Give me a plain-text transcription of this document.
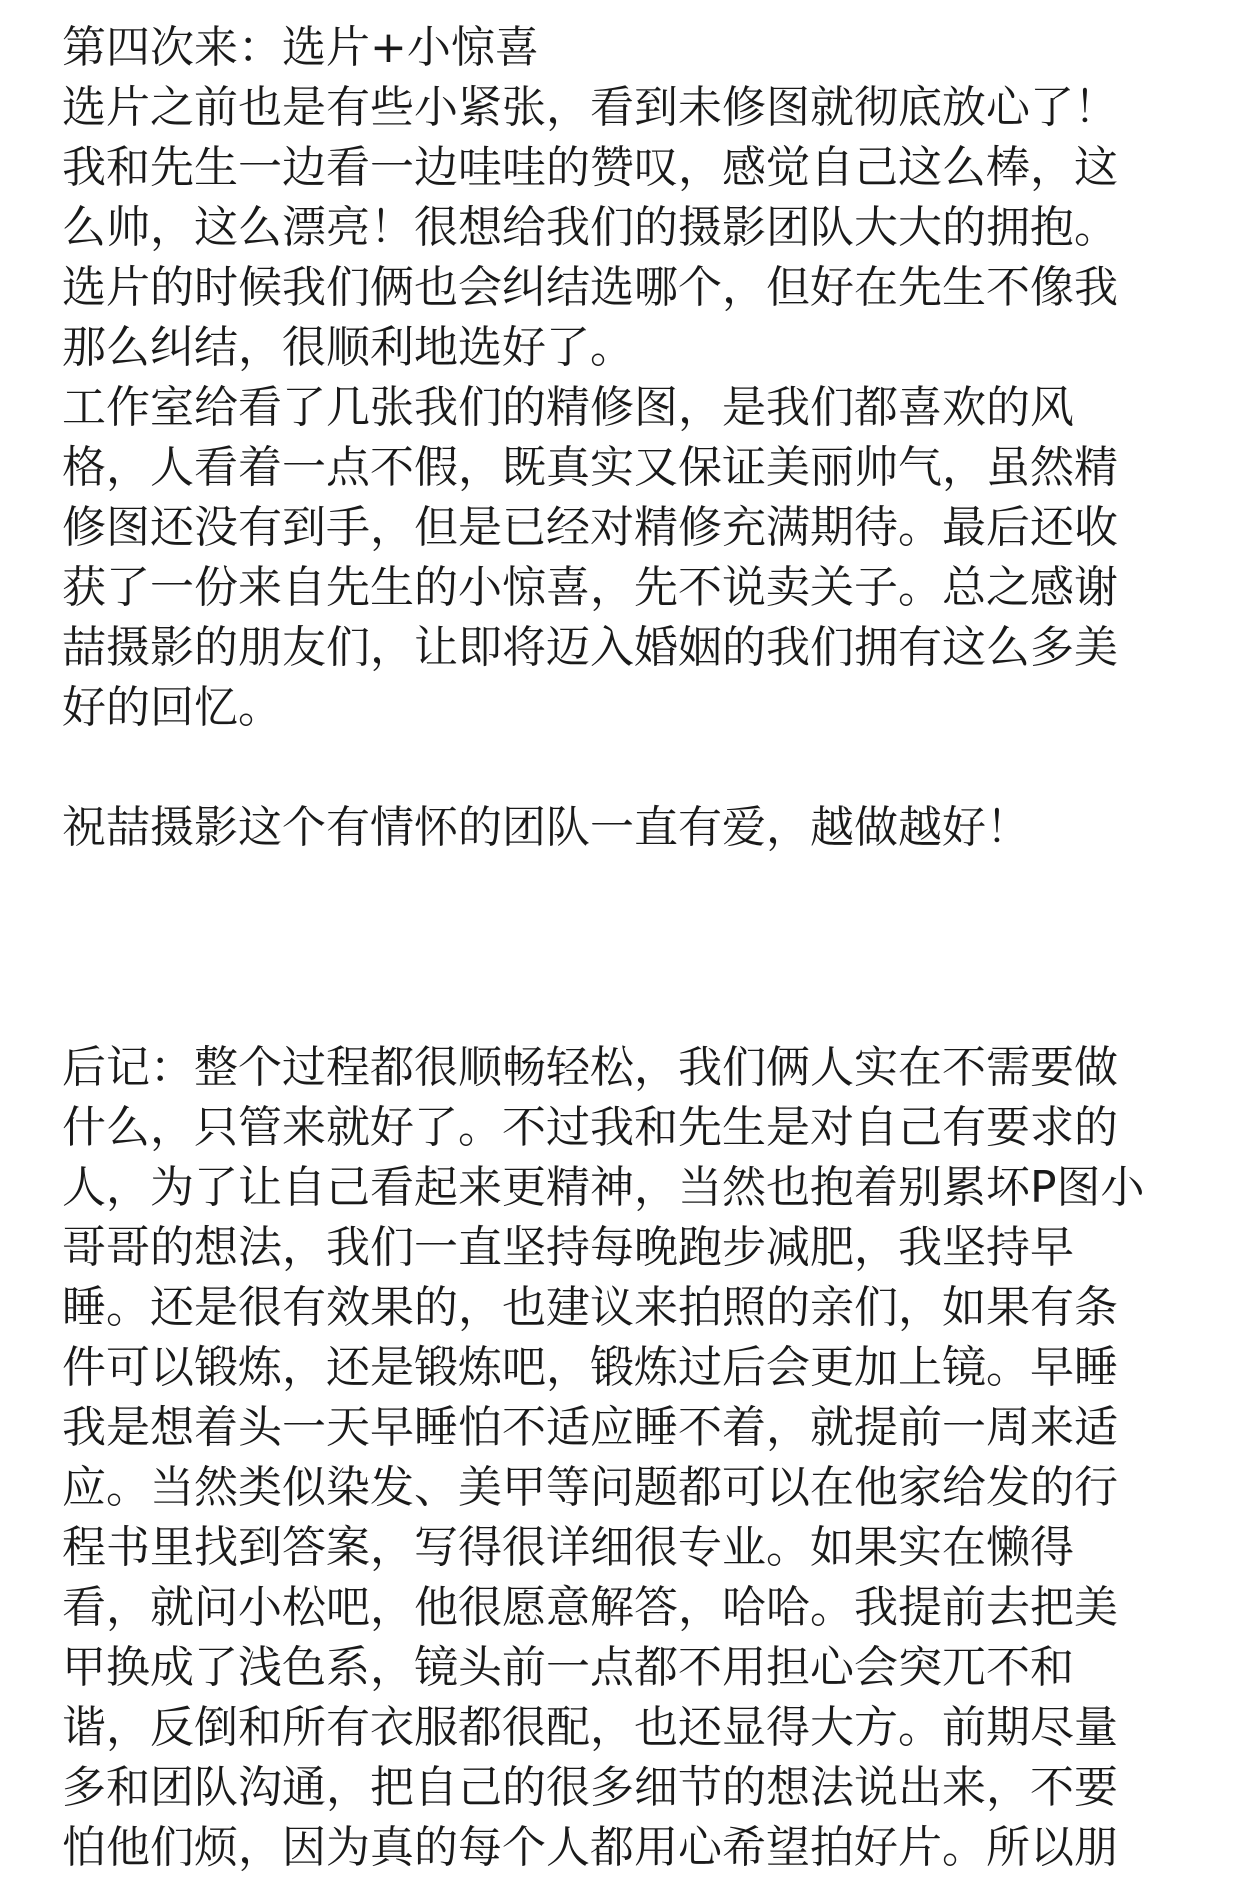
第四次来：选片+小惊喜
选片之前也是有些小紧张，看到未修图就彻底放心了！
我和先生一边看一边哇哇的赞叹，感觉自己这么棒，这
么帅，这么漂亮！很想给我们的摄影团队大大的拥抱。
选片的时候我们俩也会纠结选哪个，但好在先生不像我
那么纠结，很顺利地选好了。
工作室给看了几张我们的精修图，是我们都喜欢的风
格，人看着一点不假，既真实又保证美丽帅气，虽然精
修图还没有到手，但是已经对精修充满期待。最后还收
获了一份来自先生的小惊喜，先不说卖关子。总之感谢
喆摄影的朋友们，让即将迈入婚姻的我们拥有这么多美
好的回忆。
祝喆摄影这个有情怀的团队一直有爱，越做越好！
后记：整个过程都很顺畅轻松，我们俩人实在不需要做
什么，只管来就好了。不过我和先生是对自己有要求的
人，为了让自己看起来更精神，当然也抱着别累坏P图小
哥哥的想法，我们一直坚持每晚跑步减肥，我坚持早
睡。还是很有效果的，也建议来拍照的亲们，如果有条
件可以锻炼，还是锻炼吧，锻炼过后会更加上镜。早睡
我是想着头一天早睡怕不适应睡不着，就提前一周来适
应。当然类似染发、美甲等问题都可以在他家给发的行
程书里找到答案，写得很详细很专业。如果实在懒得
看，就问小松吧，他很愿意解答，哈哈。我提前去把美
甲换成了浅色系，镜头前一点都不用担心会突兀不和
谐，反倒和所有衣服都很配，也还显得大方。前期尽量
多和团队沟通，把自己的很多细节的想法说出来，不要
怕他们烦，因为真的每个人都用心希望拍好片。所以朋
